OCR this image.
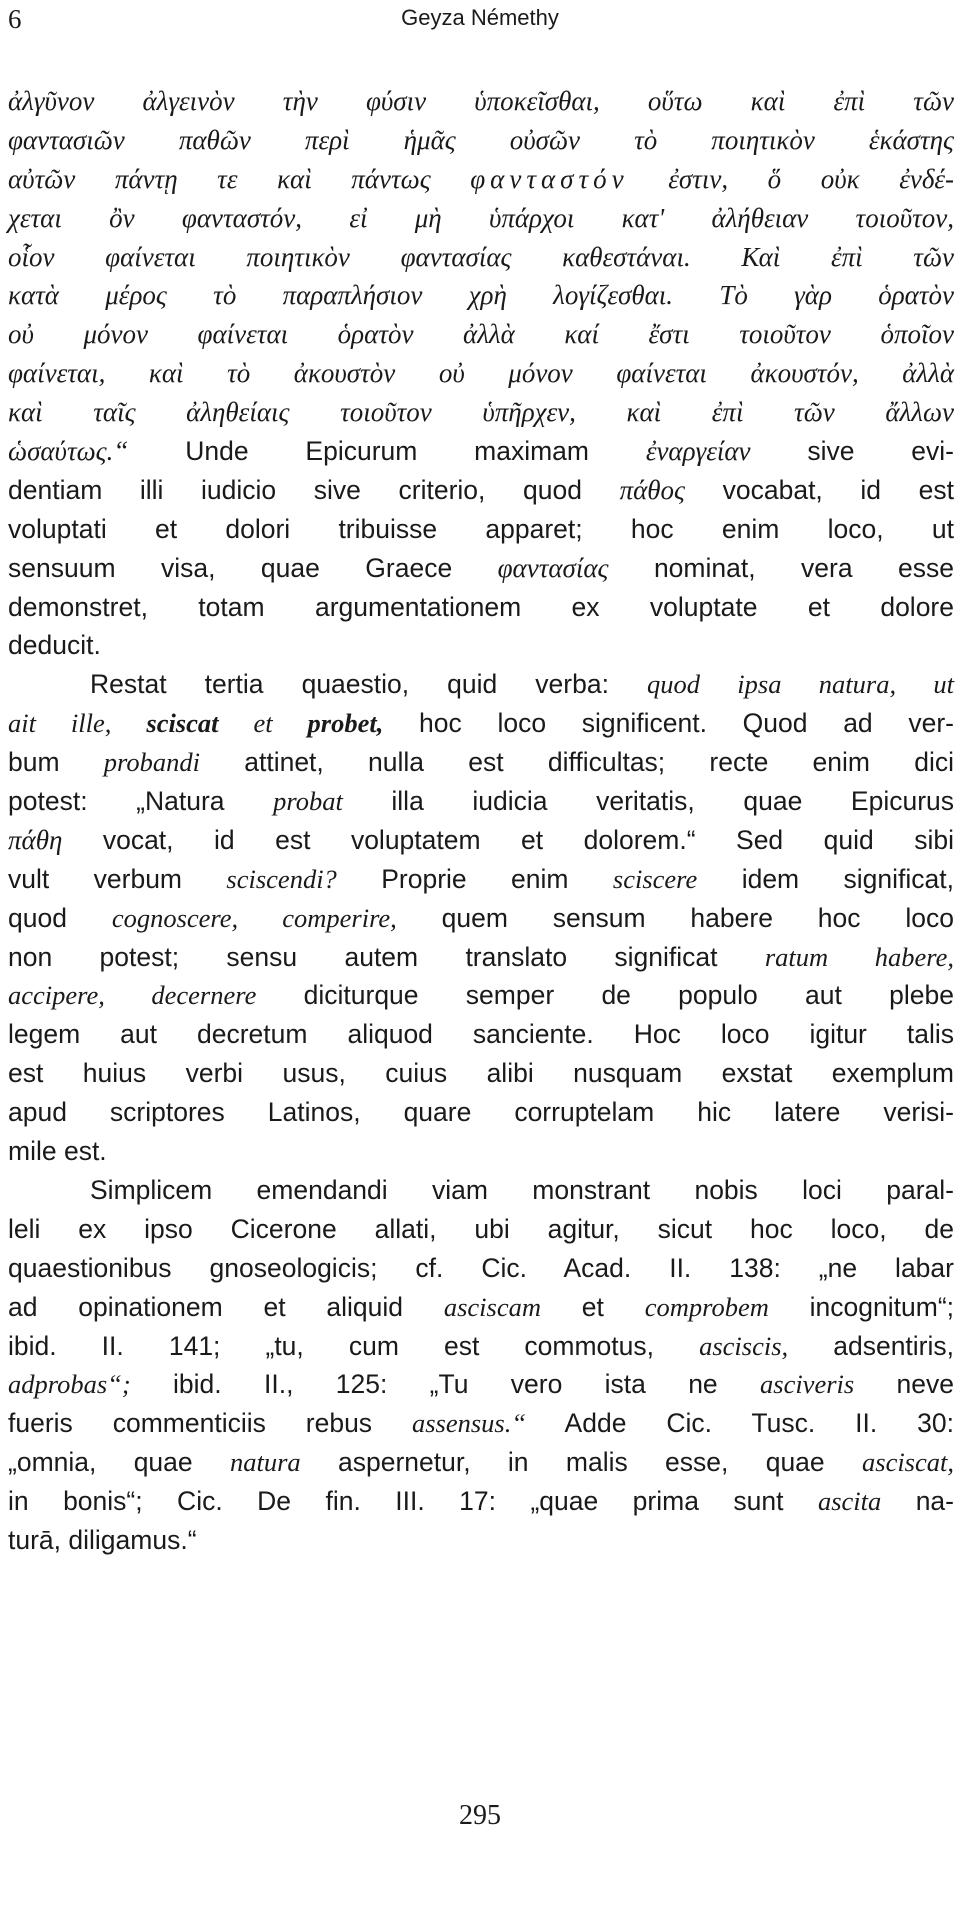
6	Geyza Némethy
ἀλγῦνον ἀλγεινὸν τὴν φύσιν ὑποκεῖσθαι, οὕτω καὶ ἐπὶ τῶν
φαντασιῶν παθῶν περὶ ἡμᾶς οὐσῶν τὸ ποιητικὸν ἑκάστης
αὐτῶν πάντῃ τε καὶ πάντως φανταστόν ἐστιν, ὅ οὐκ ἐνδέ-
χεται ὂν φανταστόν, εἰ μὴ ὑπάρχοι κατ' ἀλήθειαν τοιοῦτον,
οἷον φαίνεται ποιητικὸν φαντασίας καθεστάναι. Καὶ ἐπὶ τῶν
κατὰ μέρος τὸ παραπλήσιον χρὴ λογίζεσθαι. Τὸ γὰρ ὁρατὸν
οὐ μόνον φαίνεται ὁρατὸν ἀλλὰ καί ἔστι τοιοῦτον ὁποῖον
φαίνεται, καὶ τὸ ἀκουστὸν οὐ μόνον φαίνεται ἀκουστόν, ἀλλὰ
καὶ ταῖς ἀληθείαις τοιοῦτον ὑπῆρχεν, καὶ ἐπὶ τῶν ἄλλων
ὡσαύτως.“ Unde Epicurum maximam ἐναργείαν sive evi-
dentiam illi iudicio sive criterio, quod πάθος vocabat, id est
voluptati et dolori tribuisse apparet; hoc enim loco, ut
sensuum visa, quae Graece φαντασίας nominat, vera esse
demonstret, totam argumentationem ex voluptate et dolore
deducit.
Restat tertia quaestio, quid verba: quod ipsa natura, ut
ait ille, sciscat et probet, hoc loco significent. Quod ad ver-
bum probandi attinet, nulla est difficultas; recte enim dici
potest: „Natura probat illa iudicia veritatis, quae Epicurus
πάθη vocat, id est voluptatem et dolorem.“ Sed quid sibi
vult verbum sciscendi? Proprie enim sciscere idem significat,
quod cognoscere, comperire, quem sensum habere hoc loco
non potest; sensu autem translato significat ratum habere,
accipere, decernere diciturque semper de populo aut plebe
legem aut decretum aliquod sanciente. Hoc loco igitur talis
est huius verbi usus, cuius alibi nusquam exstat exemplum
apud scriptores Latinos, quare corruptelam hic latere verisi-
mile est.
Simplicem emendandi viam monstrant nobis loci paral-
leli ex ipso Cicerone allati, ubi agitur, sicut hoc loco, de
quaestionibus gnoseologicis; cf. Cic. Acad. II. 138: „ne labar
ad opinationem et aliquid asciscam et comprobem incognitum“;
ibid. II. 141; „tu, cum est commotus, asciscis, adsentiris,
adprobas“; ibid. II., 125: „Tu vero ista ne asciveris neve
fueris commenticiis rebus assensus.“ Adde Cic. Tusc. II. 30:
„omnia, quae natura aspernetur, in malis esse, quae asciscat,
in bonis“; Cic. De fin. III. 17: „quae prima sunt ascita na-
turā, diligamus.“
295
